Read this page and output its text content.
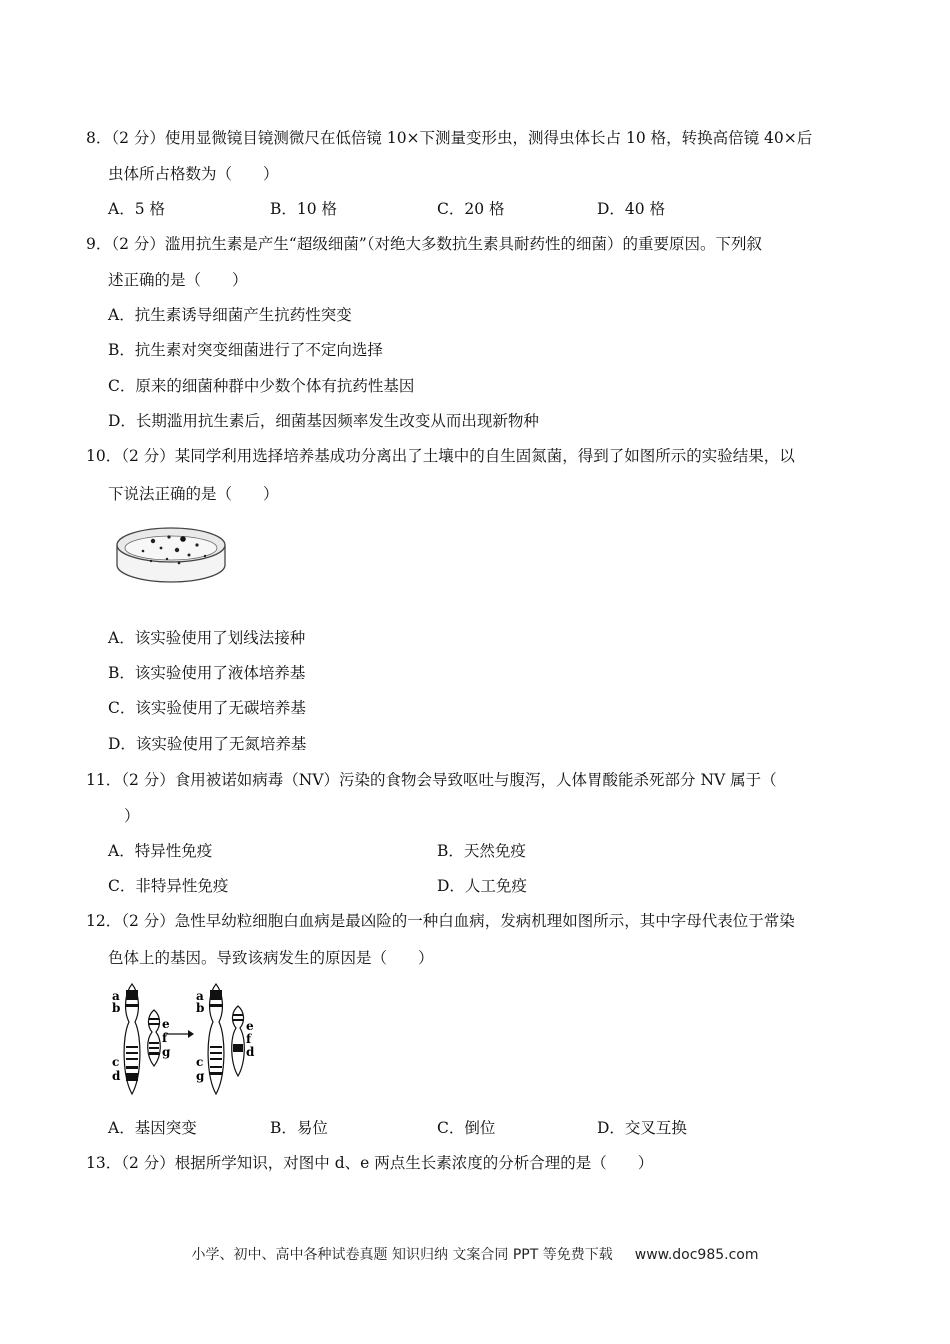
8．（2 分）使用显微镜目镜测微尺在低倍镜 10×下测量变形虫，测得虫体长占 10 格，转换高倍镜 40×后
虫体所占格数为（　　）
A．5 格	B．10 格	C．20 格	D．40 格
9．（2 分）滥用抗生素是产生“超级细菌”（对绝大多数抗生素具耐药性的细菌）的重要原因。下列叙
述正确的是（　　）
A．抗生素诱导细菌产生抗药性突变
B．抗生素对突变细菌进行了不定向选择
C．原来的细菌种群中少数个体有抗药性基因
D．长期滥用抗生素后，细菌基因频率发生改变从而出现新物种
10．（2 分）某同学利用选择培养基成功分离出了土壤中的自生固氮菌，得到了如图所示的实验结果，以
下说法正确的是（　　）
A．该实验使用了划线法接种
B．该实验使用了液体培养基
C．该实验使用了无碳培养基
D．该实验使用了无氮培养基
11．（2 分）食用被诺如病毒（NV）污染的食物会导致呕吐与腹泻，人体胃酸能杀死部分 NV 属于（
）
A．特异性免疫	B．天然免疫
C．非特异性免疫	D．人工免疫
12．（2 分）急性早幼粒细胞白血病是最凶险的一种白血病，发病机理如图所示，其中字母代表位于常染
色体上的基因。导致该病发生的原因是（　　）
a
b
c
d
e
f
g
a
b
c
g
e
f
d
A．基因突变	B．易位	C．倒位	D．交叉互换
13．（2 分）根据所学知识，对图中 d、e 两点生长素浓度的分析合理的是（　　）
小学、初中、高中各种试卷真题 知识归纳 文案合同 PPT 等免费下载 www.doc985.com
